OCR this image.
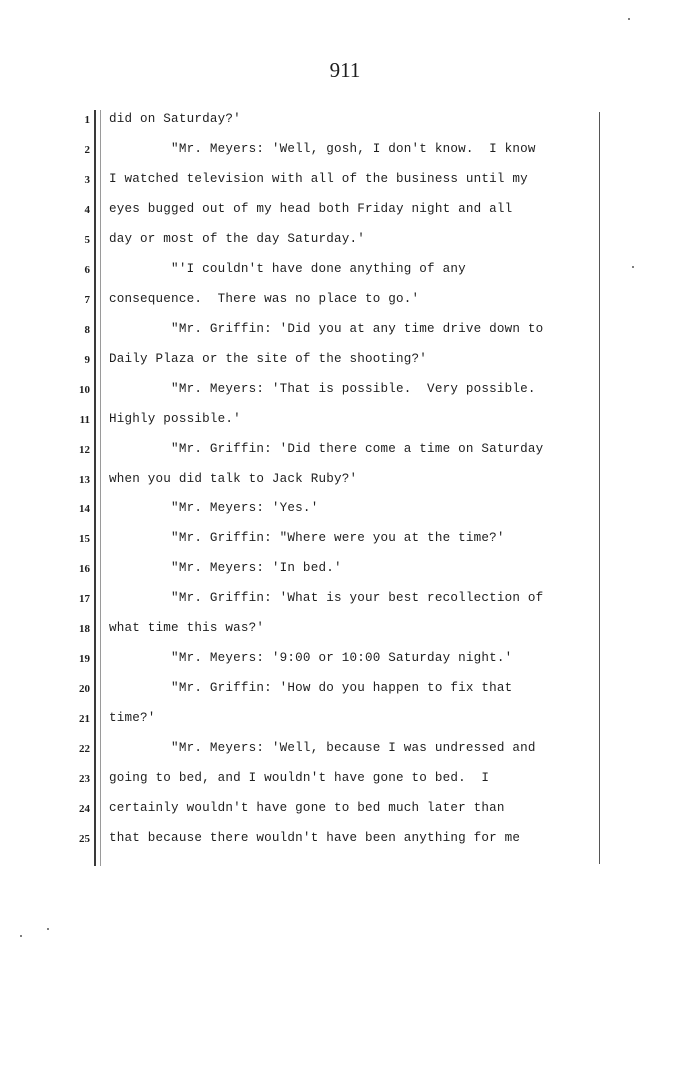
911
1 did on Saturday?'
2 "Mr. Meyers: 'Well, gosh, I don't know.  I know
3 I watched television with all of the business until my
4 eyes bugged out of my head both Friday night and all
5 day or most of the day Saturday.'
6 "'I couldn't have done anything of any
7 consequence.  There was no place to go.'
8 "Mr. Griffin: 'Did you at any time drive down to
9 Daily Plaza or the site of the shooting?'
10 "Mr. Meyers: 'That is possible.  Very possible.
11 Highly possible.'
12 "Mr. Griffin: 'Did there come a time on Saturday
13 when you did talk to Jack Ruby?'
14 "Mr. Meyers: 'Yes.'
15 "Mr. Griffin: "Where were you at the time?'
16 "Mr. Meyers: 'In bed.'
17 "Mr. Griffin: 'What is your best recollection of
18 what time this was?'
19 "Mr. Meyers: '9:00 or 10:00 Saturday night.'
20 "Mr. Griffin: 'How do you happen to fix that
21 time?'
22 "Mr. Meyers: 'Well, because I was undressed and
23 going to bed, and I wouldn't have gone to bed.  I
24 certainly wouldn't have gone to bed much later than
25 that because there wouldn't have been anything for me
